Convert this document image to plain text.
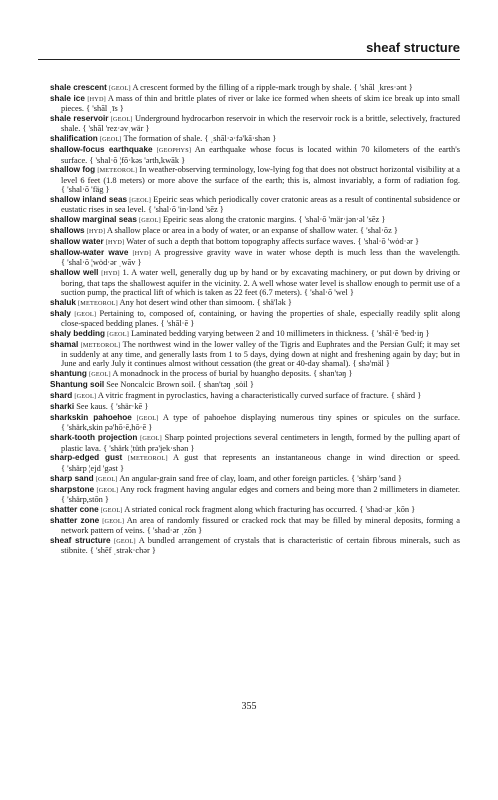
sheaf structure

shale crescent [GEOL] A crescent formed by the filling of a ripple-mark trough by shale. { 'shāl ˌkres·ənt }

shale ice [HYD] A mass of thin and brittle plates of river or lake ice formed when sheets of skim ice break up into small pieces. { 'shāl ˌīs }

shale reservoir [GEOL] Underground hydrocarbon reservoir in which the reservoir rock is a brittle, selectively, fractured shale. { 'shāl 'rez·əvˌwär }

shalification [GEOL] The formation of shale. { ˌshāl·ə·fə'kā·shən }

shallow-focus earthquake [GEOPHYS] An earthquake whose focus is located within 70 kilometers of the earth's surface. { 'shal·ō ¦fō·kəs 'ərth,kwāk }

shallow fog [METEOROL] In weather-observing terminology, low-lying fog that does not obstruct horizontal visibility at a level 6 feet (1.8 meters) or more above the surface of the earth; this is, almost invariably, a form of radiation fog. { 'shal·ō 'fäg }

shallow inland seas [GEOL] Epeiric seas which periodically cover cratonic areas as a result of continental subsidence or eustatic rises in sea level. { 'shal·ō 'in·lənd 'sēz }

shallow marginal seas [GEOL] Epeiric seas along the cratonic margins. { 'shal·ō 'mär·jən·əl 'sēz }

shallows [HYD] A shallow place or area in a body of water, or an expanse of shallow water. { 'shal·ōz }

shallow water [HYD] Water of such a depth that bottom topography affects surface waves. { 'shal·ō 'wȯd·ər }

shallow-water wave [HYD] A progressive gravity wave in water whose depth is much less than the wavelength. { 'shal·ō ¦wȯd·ər ˌwāv }

shallow well [HYD] 1. A water well, generally dug up by hand or by excavating machinery, or put down by driving or boring, that taps the shallowest aquifer in the vicinity. 2. A well whose water level is shallow enough to permit use of a suction pump, the practical lift of which is taken as 22 feet (6.7 meters). { 'shal·ō 'wel }

shaluk [METEOROL] Any hot desert wind other than simoom. { shä'lək }

shaly [GEOL] Pertaining to, composed of, containing, or having the properties of shale, especially readily split along close-spaced bedding planes. { 'shāl·ē }

shaly bedding [GEOL] Laminated bedding varying between 2 and 10 millimeters in thickness. { 'shāl·ē 'bed·iŋ }

shamal [METEOROL] The northwest wind in the lower valley of the Tigris and Euphrates and the Persian Gulf; it may set in suddenly at any time, and generally lasts from 1 to 5 days, dying down at night and freshening again by day; but in June and early July it continues almost without cessation (the great or 40-day shamal). { shə'mäl }

shantung [GEOL] A monadnock in the process of burial by huangho deposits. { shan'təŋ }

Shantung soil See Noncalcic Brown soil. { shan'təŋ ˌsȯil }

shard [GEOL] A vitric fragment in pyroclastics, having a characteristically curved surface of fracture. { shärd }

sharki See kaus. { 'shär·kē }

sharkskin pahoehoe [GEOL] A type of pahoehoe displaying numerous tiny spines or spicules on the surface. { 'shärk,skin pə'hō·ē,hō·ē }

shark-tooth projection [GEOL] Sharp pointed projections several centimeters in length, formed by the pulling apart of plastic lava. { 'shärk ¦tüth prə'jek·shən }

sharp-edged gust [METEOROL] A gust that represents an instantaneous change in wind direction or speed. { 'shärp ¦ejd 'gəst }

sharp sand [GEOL] An angular-grain sand free of clay, loam, and other foreign particles. { 'shärp 'sand }

sharpstone [GEOL] Any rock fragment having angular edges and corners and being more than 2 millimeters in diameter. { 'shärp,stōn }

shatter cone [GEOL] A striated conical rock fragment along which fracturing has occurred. { 'shad·ər ˌkōn }

shatter zone [GEOL] An area of randomly fissured or cracked rock that may be filled by mineral deposits, forming a network pattern of veins. { 'shad·ər ˌzōn }

sheaf structure [GEOL] A bundled arrangement of crystals that is characteristic of certain fibrous minerals, such as stibnite. { 'shēf ˌstrək·chər }

355
